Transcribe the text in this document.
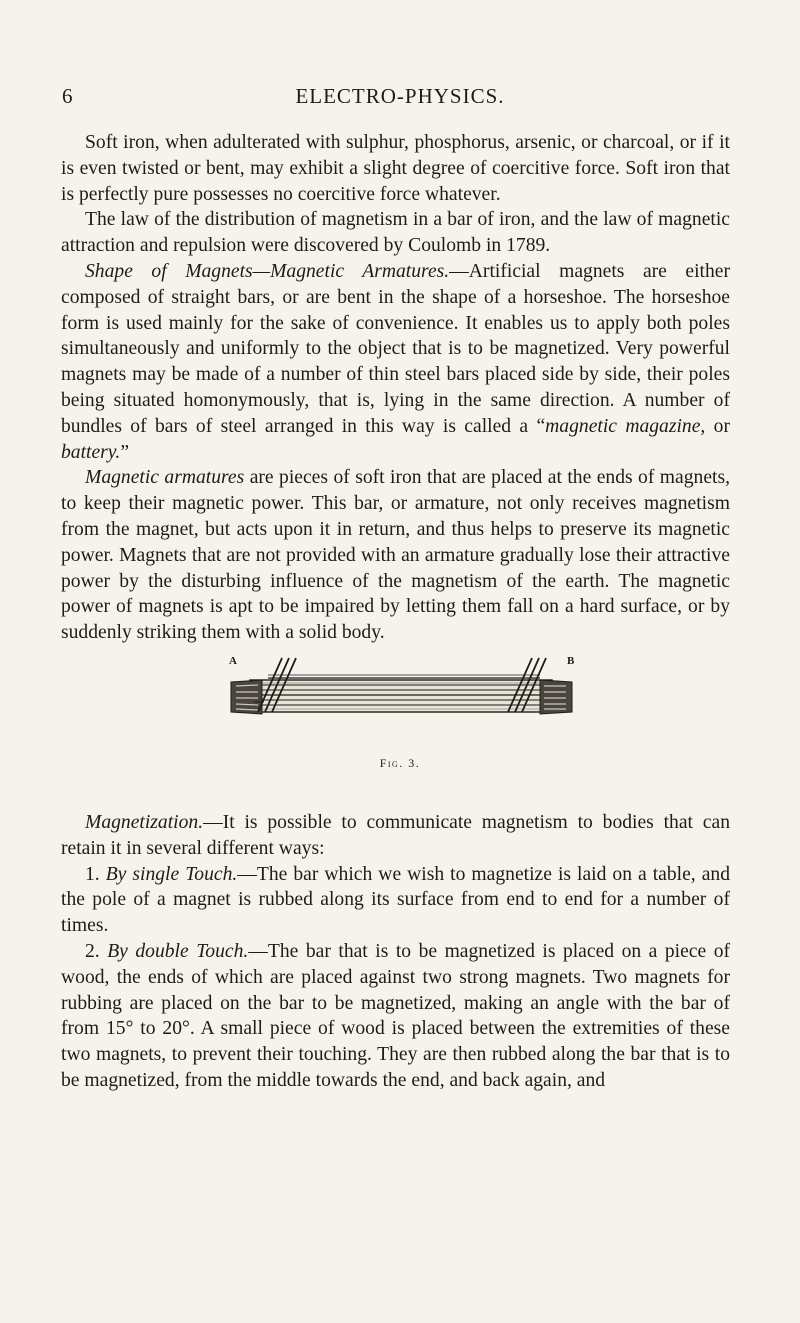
6	ELECTRO-PHYSICS.

Soft iron, when adulterated with sulphur, phosphorus, arsenic, or charcoal, or if it is even twisted or bent, may exhibit a slight degree of coercitive force. Soft iron that is perfectly pure possesses no coercitive force whatever.

The law of the distribution of magnetism in a bar of iron, and the law of magnetic attraction and repulsion were discovered by Coulomb in 1789.

Shape of Magnets—Magnetic Armatures.—Artificial magnets are either composed of straight bars, or are bent in the shape of a horseshoe. The horseshoe form is used mainly for the sake of convenience. It enables us to apply both poles simultaneously and uniformly to the object that is to be magnetized. Very powerful magnets may be made of a number of thin steel bars placed side by side, their poles being situated homonymously, that is, lying in the same direction. A number of bundles of bars of steel arranged in this way is called a “magnetic magazine, or battery.”

Magnetic armatures are pieces of soft iron that are placed at the ends of magnets, to keep their magnetic power. This bar, or armature, not only receives magnetism from the magnet, but acts upon it in return, and thus helps to preserve its magnetic power. Magnets that are not provided with an armature gradually lose their attractive power by the disturbing influence of the magnetism of the earth. The magnetic power of magnets is apt to be impaired by letting them fall on a hard surface, or by suddenly striking them with a solid body.

A	B
Fig. 3.

Magnetization.—It is possible to communicate magnetism to bodies that can retain it in several different ways:

1. By single Touch.—The bar which we wish to magnetize is laid on a table, and the pole of a magnet is rubbed along its surface from end to end for a number of times.

2. By double Touch.—The bar that is to be magnetized is placed on a piece of wood, the ends of which are placed against two strong magnets. Two magnets for rubbing are placed on the bar to be magnetized, making an angle with the bar of from 15° to 20°. A small piece of wood is placed between the extremities of these two magnets, to prevent their touching. They are then rubbed along the bar that is to be magnetized, from the middle towards the end, and back again, and
